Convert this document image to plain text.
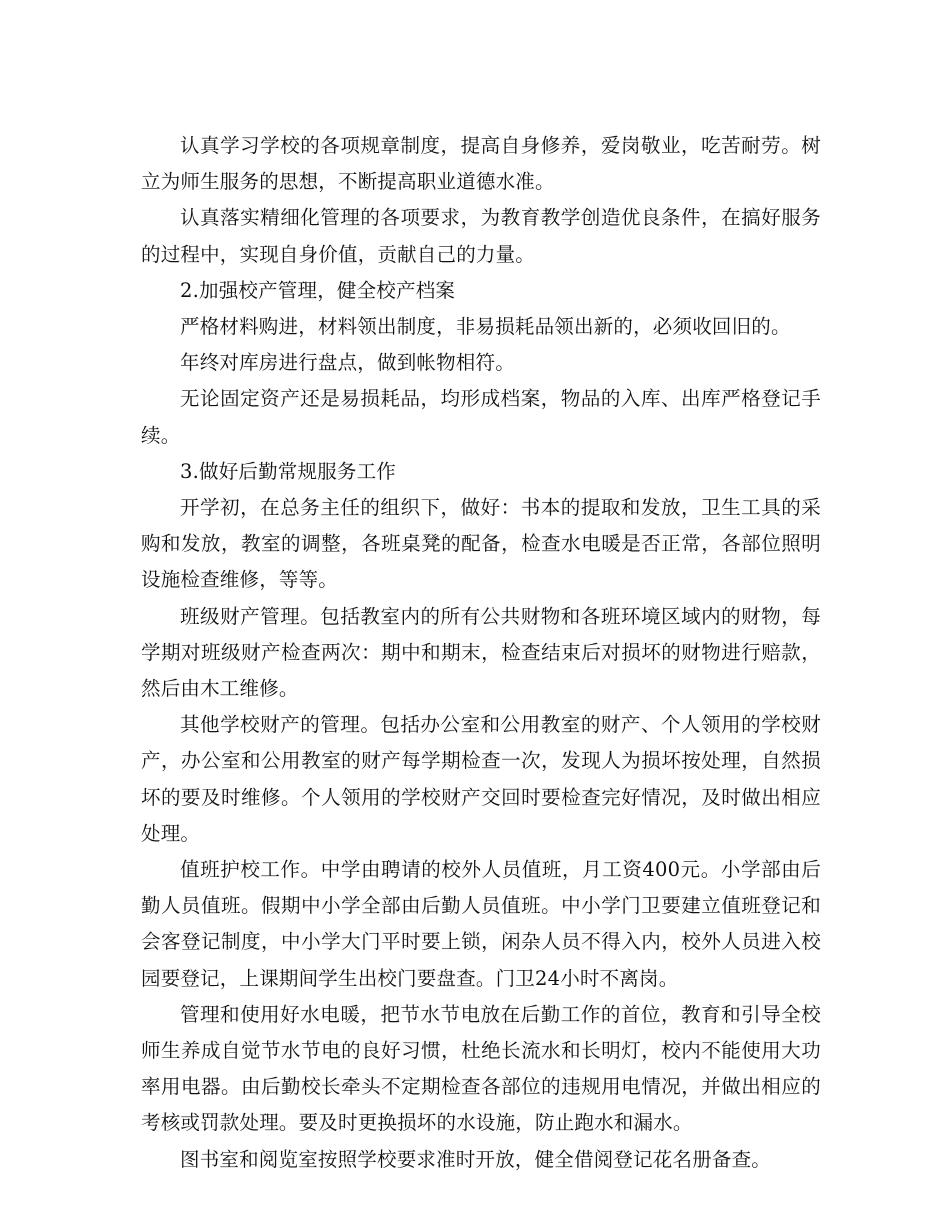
认真学习学校的各项规章制度，提高自身修养，爱岗敬业，吃苦耐劳。树立为师生服务的思想，不断提高职业道德水准。

认真落实精细化管理的各项要求，为教育教学创造优良条件，在搞好服务的过程中，实现自身价值，贡献自己的力量。

2.加强校产管理，健全校产档案

严格材料购进，材料领出制度，非易损耗品领出新的，必须收回旧的。

年终对库房进行盘点，做到帐物相符。

无论固定资产还是易损耗品，均形成档案，物品的入库、出库严格登记手续。

3.做好后勤常规服务工作

开学初，在总务主任的组织下，做好：书本的提取和发放，卫生工具的采购和发放，教室的调整，各班桌凳的配备，检查水电暖是否正常，各部位照明设施检查维修，等等。

班级财产管理。包括教室内的所有公共财物和各班环境区域内的财物，每学期对班级财产检查两次：期中和期末，检查结束后对损坏的财物进行赔款，然后由木工维修。

其他学校财产的管理。包括办公室和公用教室的财产、个人领用的学校财产，办公室和公用教室的财产每学期检查一次，发现人为损坏按处理，自然损坏的要及时维修。个人领用的学校财产交回时要检查完好情况，及时做出相应处理。

值班护校工作。中学由聘请的校外人员值班，月工资400元。小学部由后勤人员值班。假期中小学全部由后勤人员值班。中小学门卫要建立值班登记和会客登记制度，中小学大门平时要上锁，闲杂人员不得入内，校外人员进入校园要登记，上课期间学生出校门要盘查。门卫24小时不离岗。

管理和使用好水电暖，把节水节电放在后勤工作的首位，教育和引导全校师生养成自觉节水节电的良好习惯，杜绝长流水和长明灯，校内不能使用大功率用电器。由后勤校长牵头不定期检查各部位的违规用电情况，并做出相应的考核或罚款处理。要及时更换损坏的水设施，防止跑水和漏水。

图书室和阅览室按照学校要求准时开放，健全借阅登记花名册备查。
